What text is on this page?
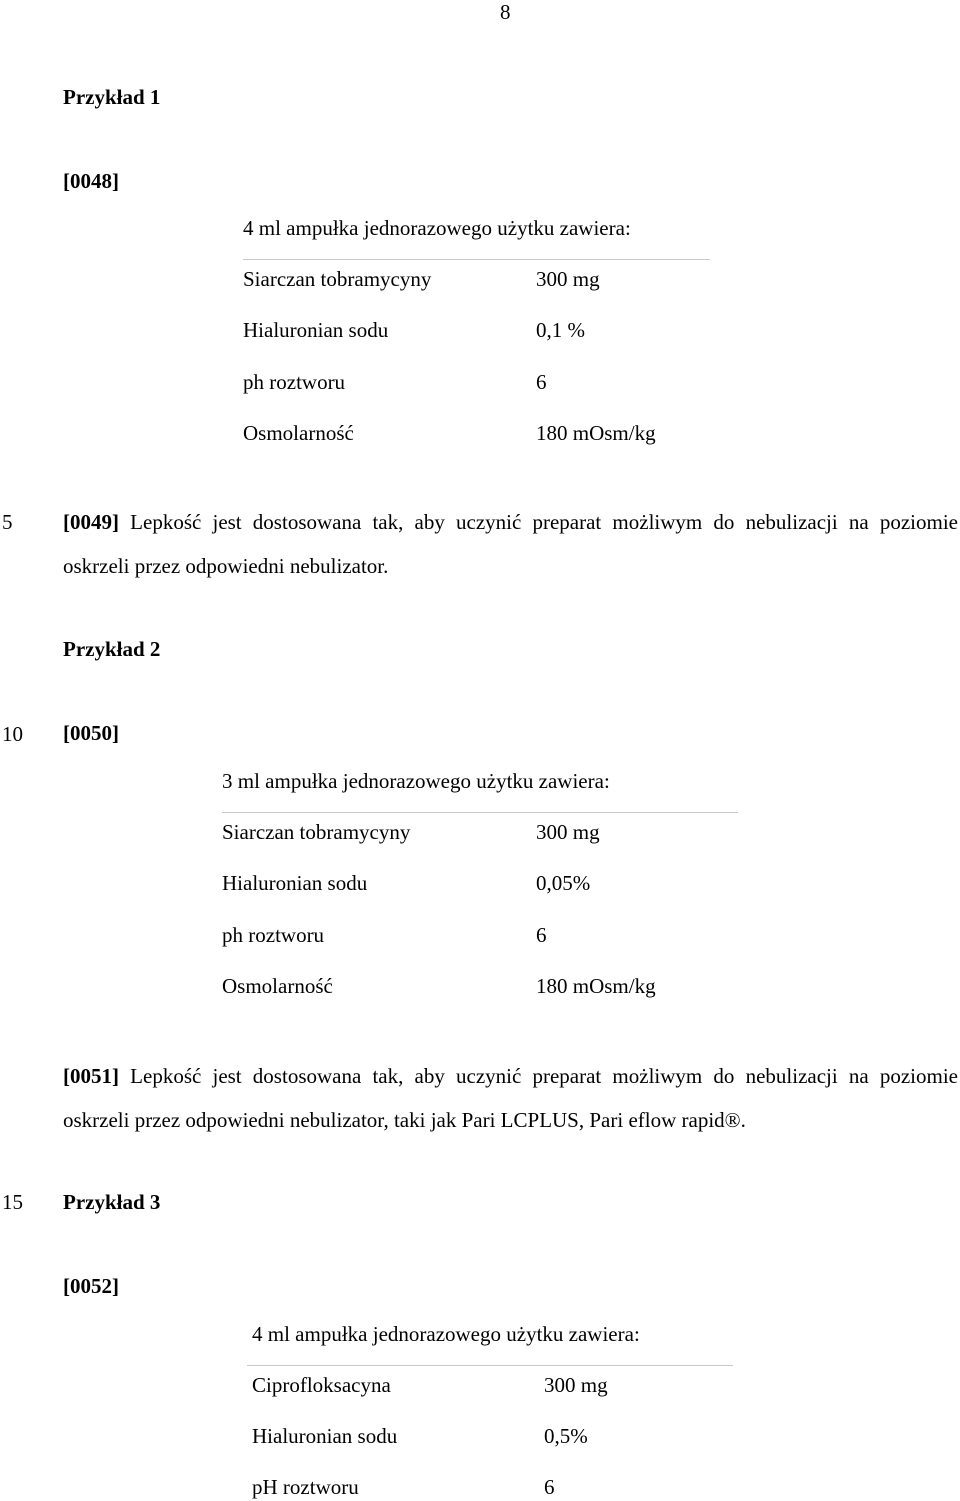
8
5
10
15
Przykład 1
[0048]
4 ml ampułka jednorazowego użytku zawiera:
Siarczan tobramycyny	300 mg
Hialuronian sodu	0,1 %
ph roztworu	6
Osmolarność	180 mOsm/kg
[0049] Lepkość jest dostosowana tak, aby uczynić preparat możliwym do nebulizacji na poziomie oskrzeli przez odpowiedni nebulizator.
Przykład 2
[0050]
3 ml ampułka jednorazowego użytku zawiera:
Siarczan tobramycyny	300 mg
Hialuronian sodu	0,05%
ph roztworu	6
Osmolarność	180 mOsm/kg
[0051] Lepkość jest dostosowana tak, aby uczynić preparat możliwym do nebulizacji na poziomie oskrzeli przez odpowiedni nebulizator, taki jak Pari LCPLUS, Pari eflow rapid®.
Przykład 3
[0052]
4 ml ampułka jednorazowego użytku zawiera:
Ciprofloksacyna	300 mg
Hialuronian sodu	0,5%
pH roztworu	6
